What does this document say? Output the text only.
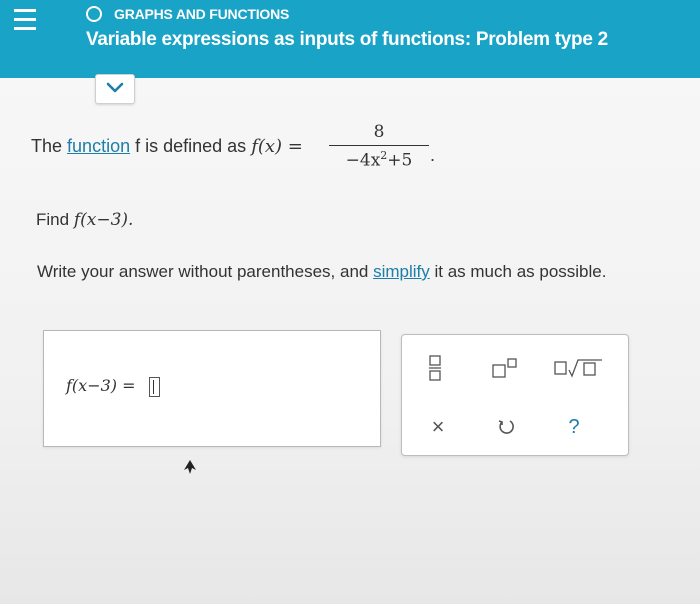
GRAPHS AND FUNCTIONS
Variable expressions as inputs of functions: Problem type 2
The function f is defined as f(x) =
8
$-4x^2+5$ .
Find f(x−3).
Write your answer without parentheses, and simplify it as much as possible.
f(x−3) =
×	?
